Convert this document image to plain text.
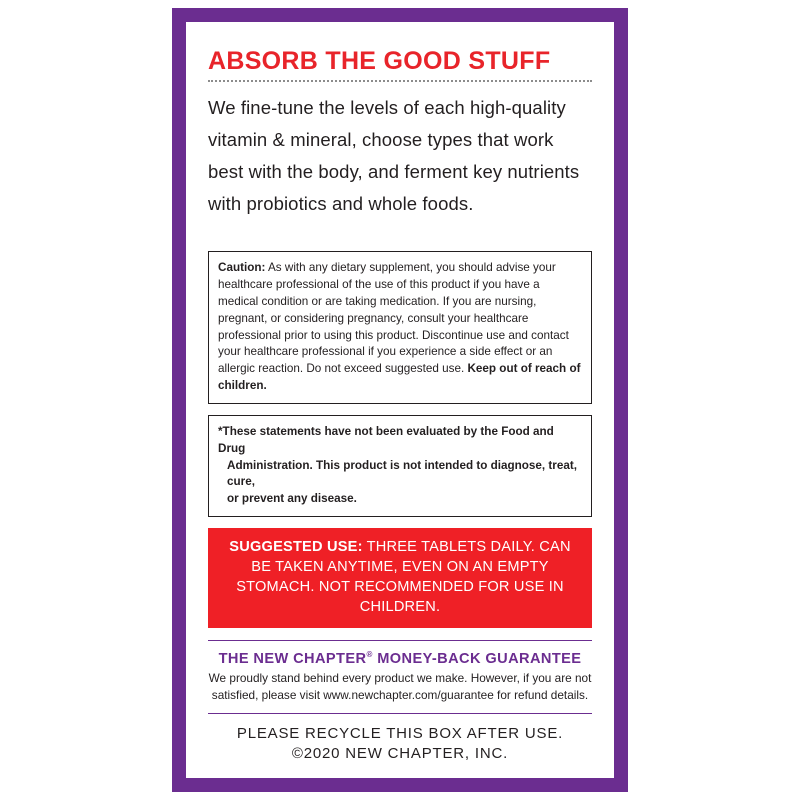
ABSORB THE GOOD STUFF
We fine-tune the levels of each high-quality vitamin & mineral, choose types that work best with the body, and ferment key nutrients with probiotics and whole foods.
Caution: As with any dietary supplement, you should advise your healthcare professional of the use of this product if you have a medical condition or are taking medication. If you are nursing, pregnant, or considering pregnancy, consult your healthcare professional prior to using this product. Discontinue use and contact your healthcare professional if you experience a side effect or an allergic reaction. Do not exceed suggested use. Keep out of reach of children.
*These statements have not been evaluated by the Food and Drug
Administration. This product is not intended to diagnose, treat, cure,
or prevent any disease.
SUGGESTED USE: THREE TABLETS DAILY. CAN BE TAKEN ANYTIME, EVEN ON AN EMPTY STOMACH. NOT RECOMMENDED FOR USE IN CHILDREN.
THE NEW CHAPTER® MONEY-BACK GUARANTEE
We proudly stand behind every product we make. However, if you are not
satisfied, please visit www.newchapter.com/guarantee for refund details.
PLEASE RECYCLE THIS BOX AFTER USE.
©2020 NEW CHAPTER, INC.
